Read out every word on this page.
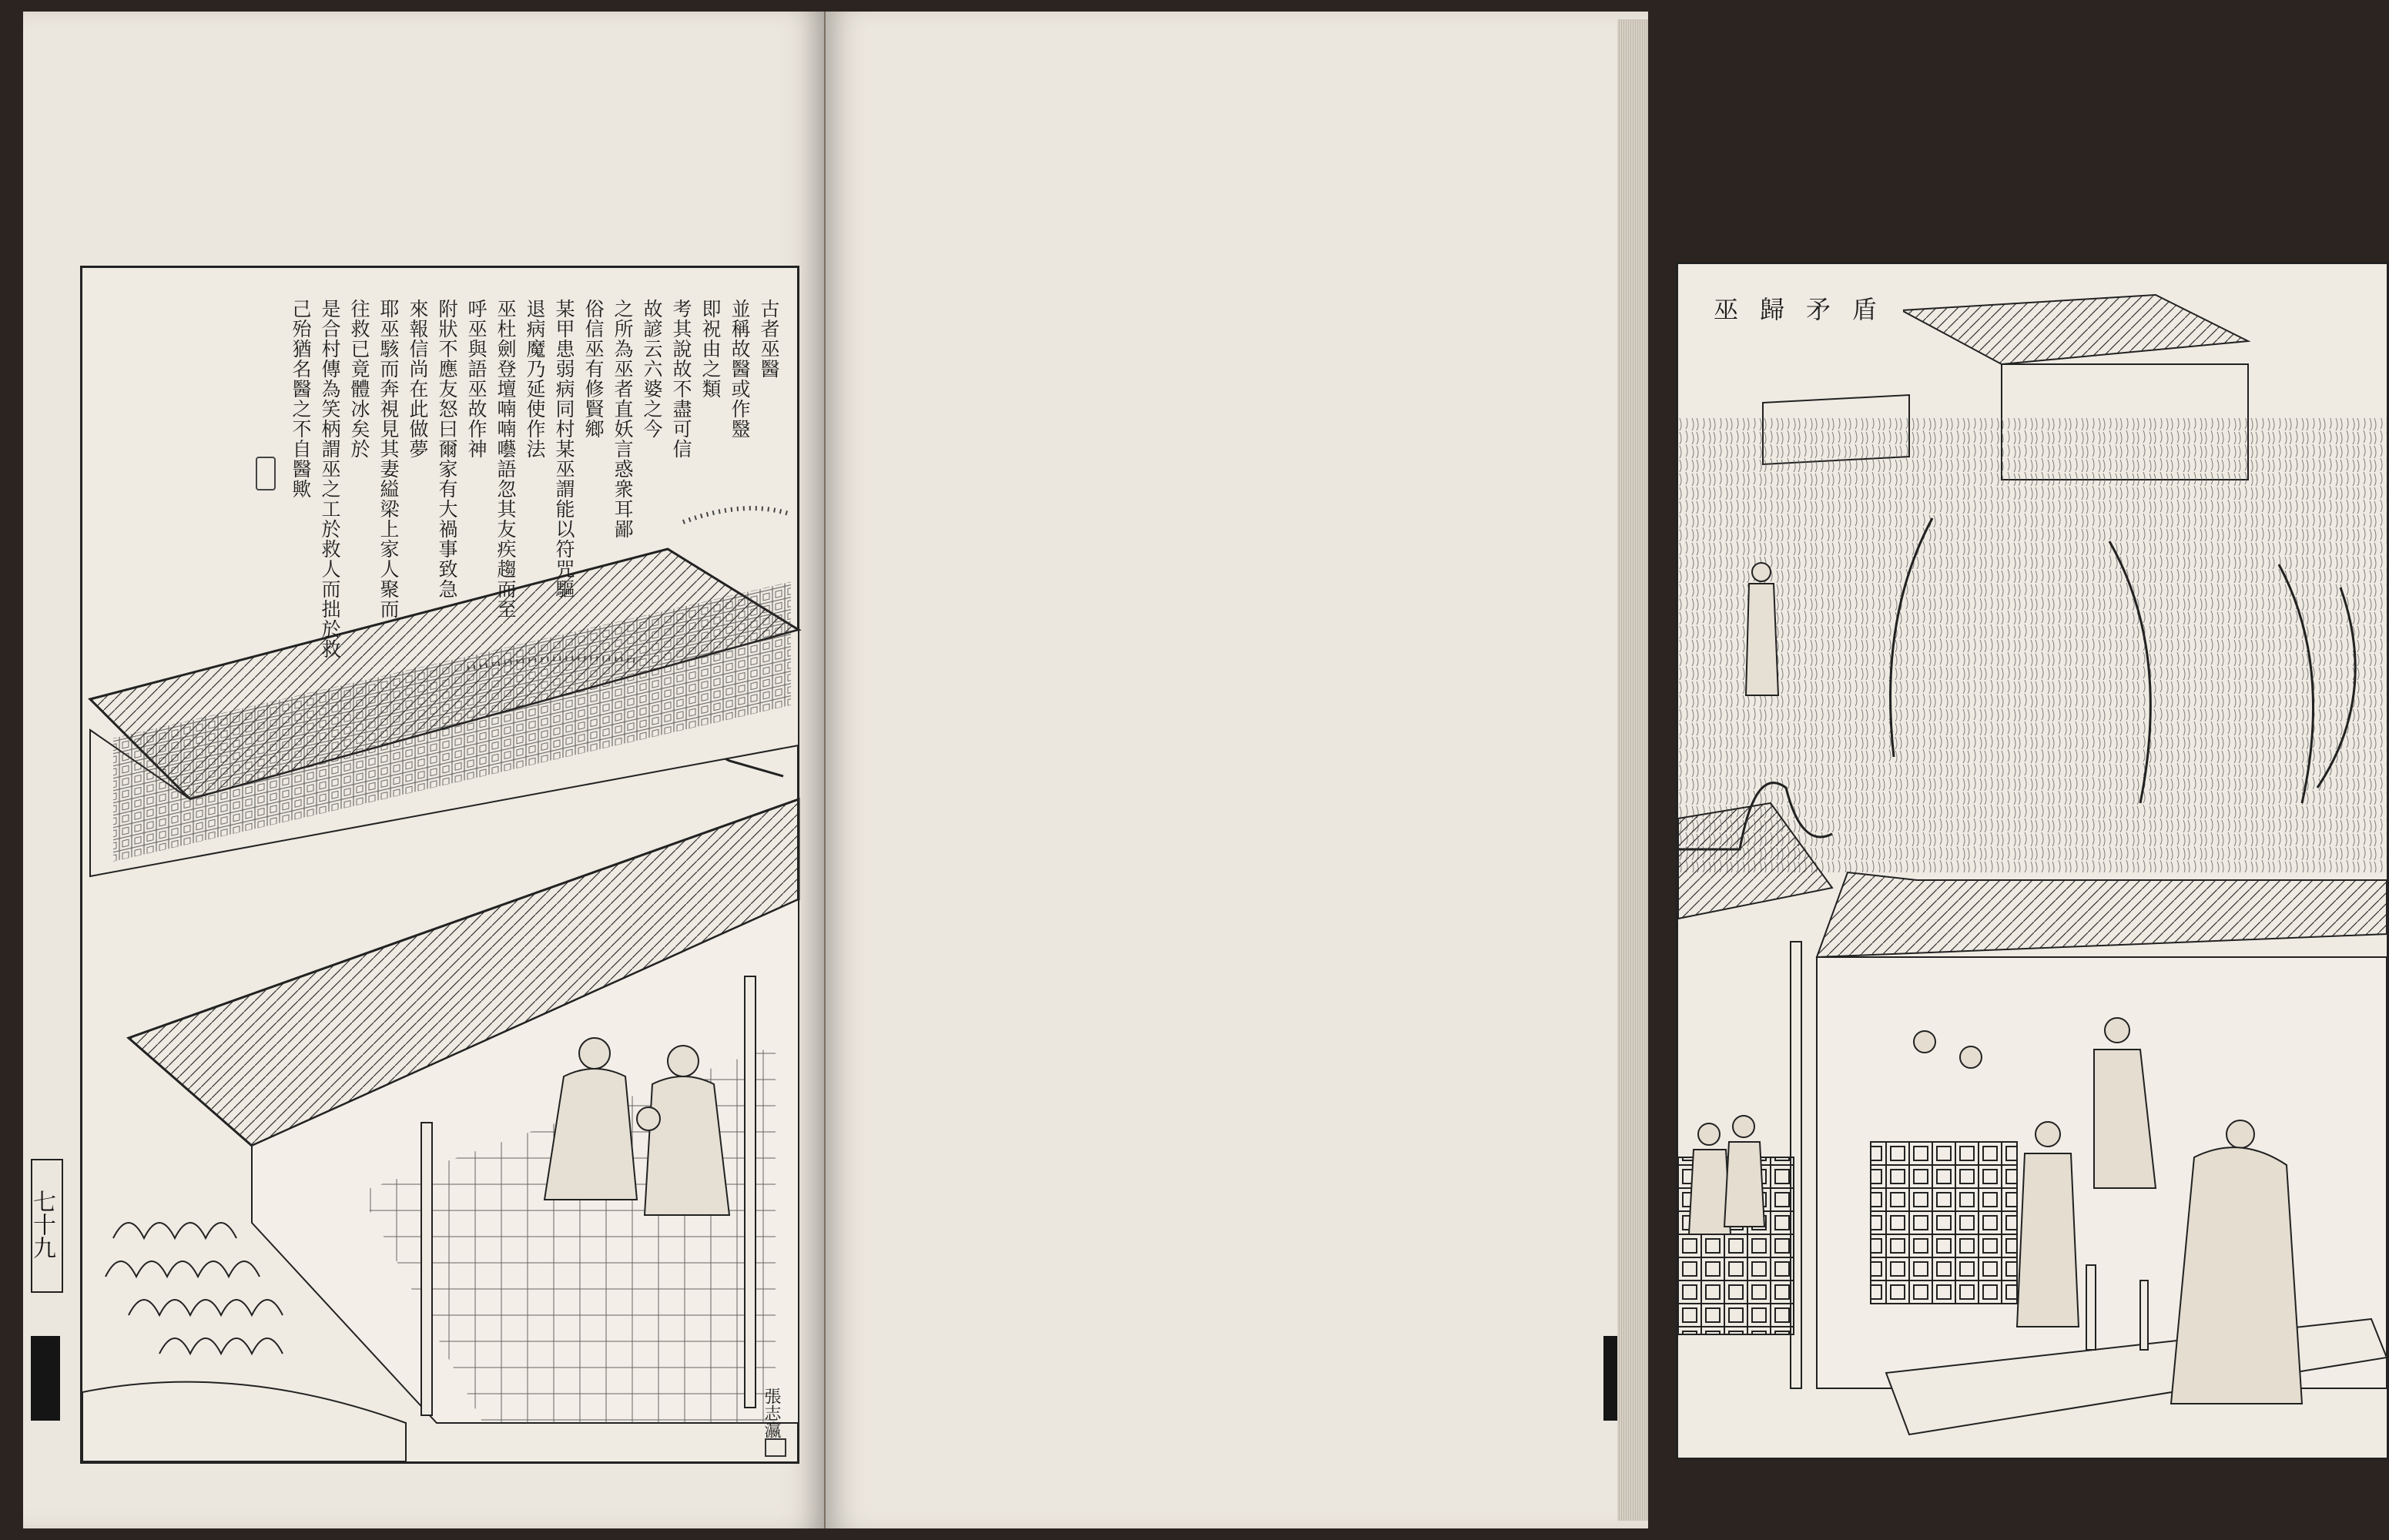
七十九
古者巫醫
並稱故醫或作毉
即祝由之類
考其說故不盡可信
故諺云六婆之今
之所為巫者直妖言惑衆耳鄙
俗信巫有修賢鄉
某甲患弱病同村某巫謂能以符咒驅
退病魔乃延使作法
巫杜劍登壇喃喃囈語忽其友疾趨而至
呼巫與語巫故作神
附狀不應友怒曰爾家有大禍事致急
來報信尚在此做夢
耶巫駭而奔視見其妻縊梁上家人聚而
往救已竟體冰矣於
是合村傳為笑柄謂巫之工於救人而拙於救
己殆猶名醫之不自醫歟
張志瀛
巫歸矛盾
